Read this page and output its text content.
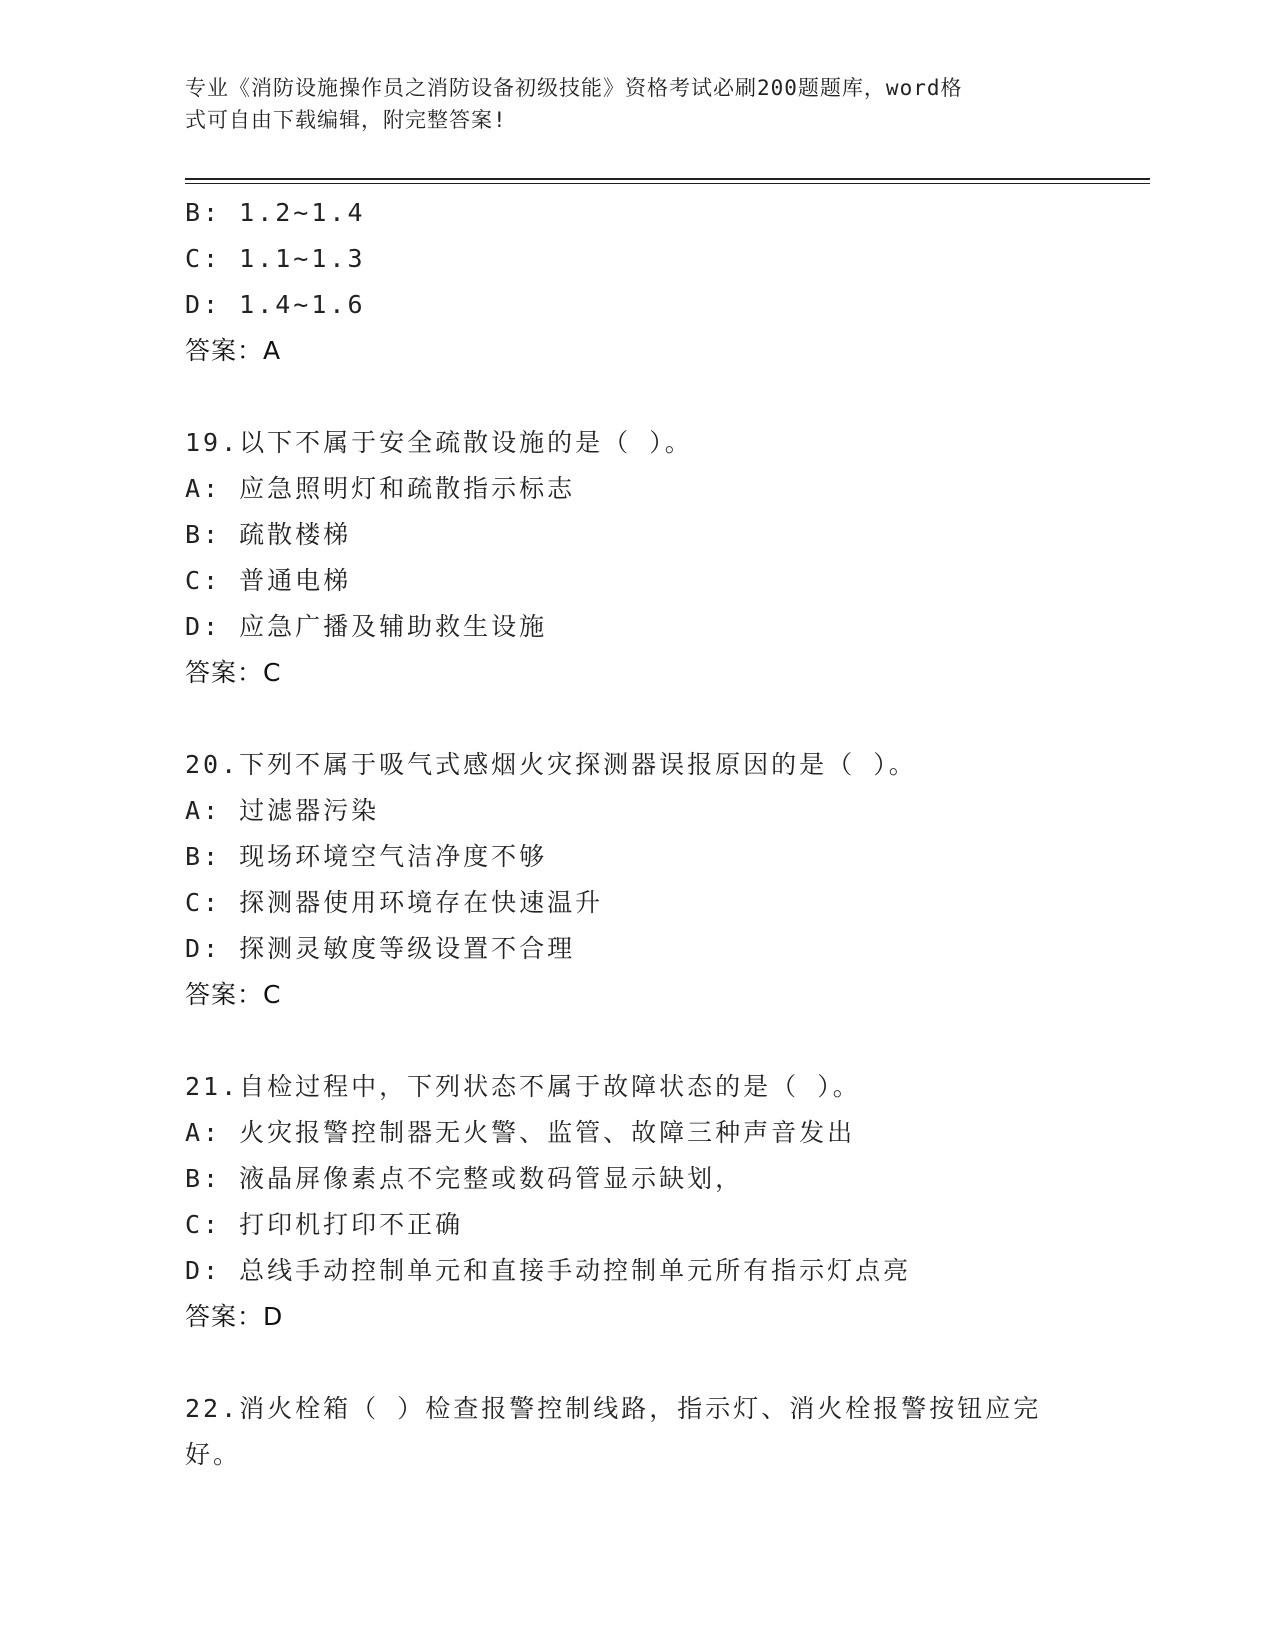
专业《消防设施操作员之消防设备初级技能》资格考试必刷200题题库，word格
式可自由下载编辑，附完整答案!
B: 1.2~1.4
C: 1.1~1.3
D: 1.4~1.6
答案：A
19.以下不属于安全疏散设施的是（ ）。
A: 应急照明灯和疏散指示标志
B: 疏散楼梯
C: 普通电梯
D: 应急广播及辅助救生设施
答案：C
20.下列不属于吸气式感烟火灾探测器误报原因的是（ ）。
A: 过滤器污染
B: 现场环境空气洁净度不够
C: 探测器使用环境存在快速温升
D: 探测灵敏度等级设置不合理
答案：C
21.自检过程中，下列状态不属于故障状态的是（ ）。
A: 火灾报警控制器无火警、监管、故障三种声音发出
B: 液晶屏像素点不完整或数码管显示缺划，
C: 打印机打印不正确
D: 总线手动控制单元和直接手动控制单元所有指示灯点亮
答案：D
22.消火栓箱（ ）检查报警控制线路，指示灯、消火栓报警按钮应完
好。
